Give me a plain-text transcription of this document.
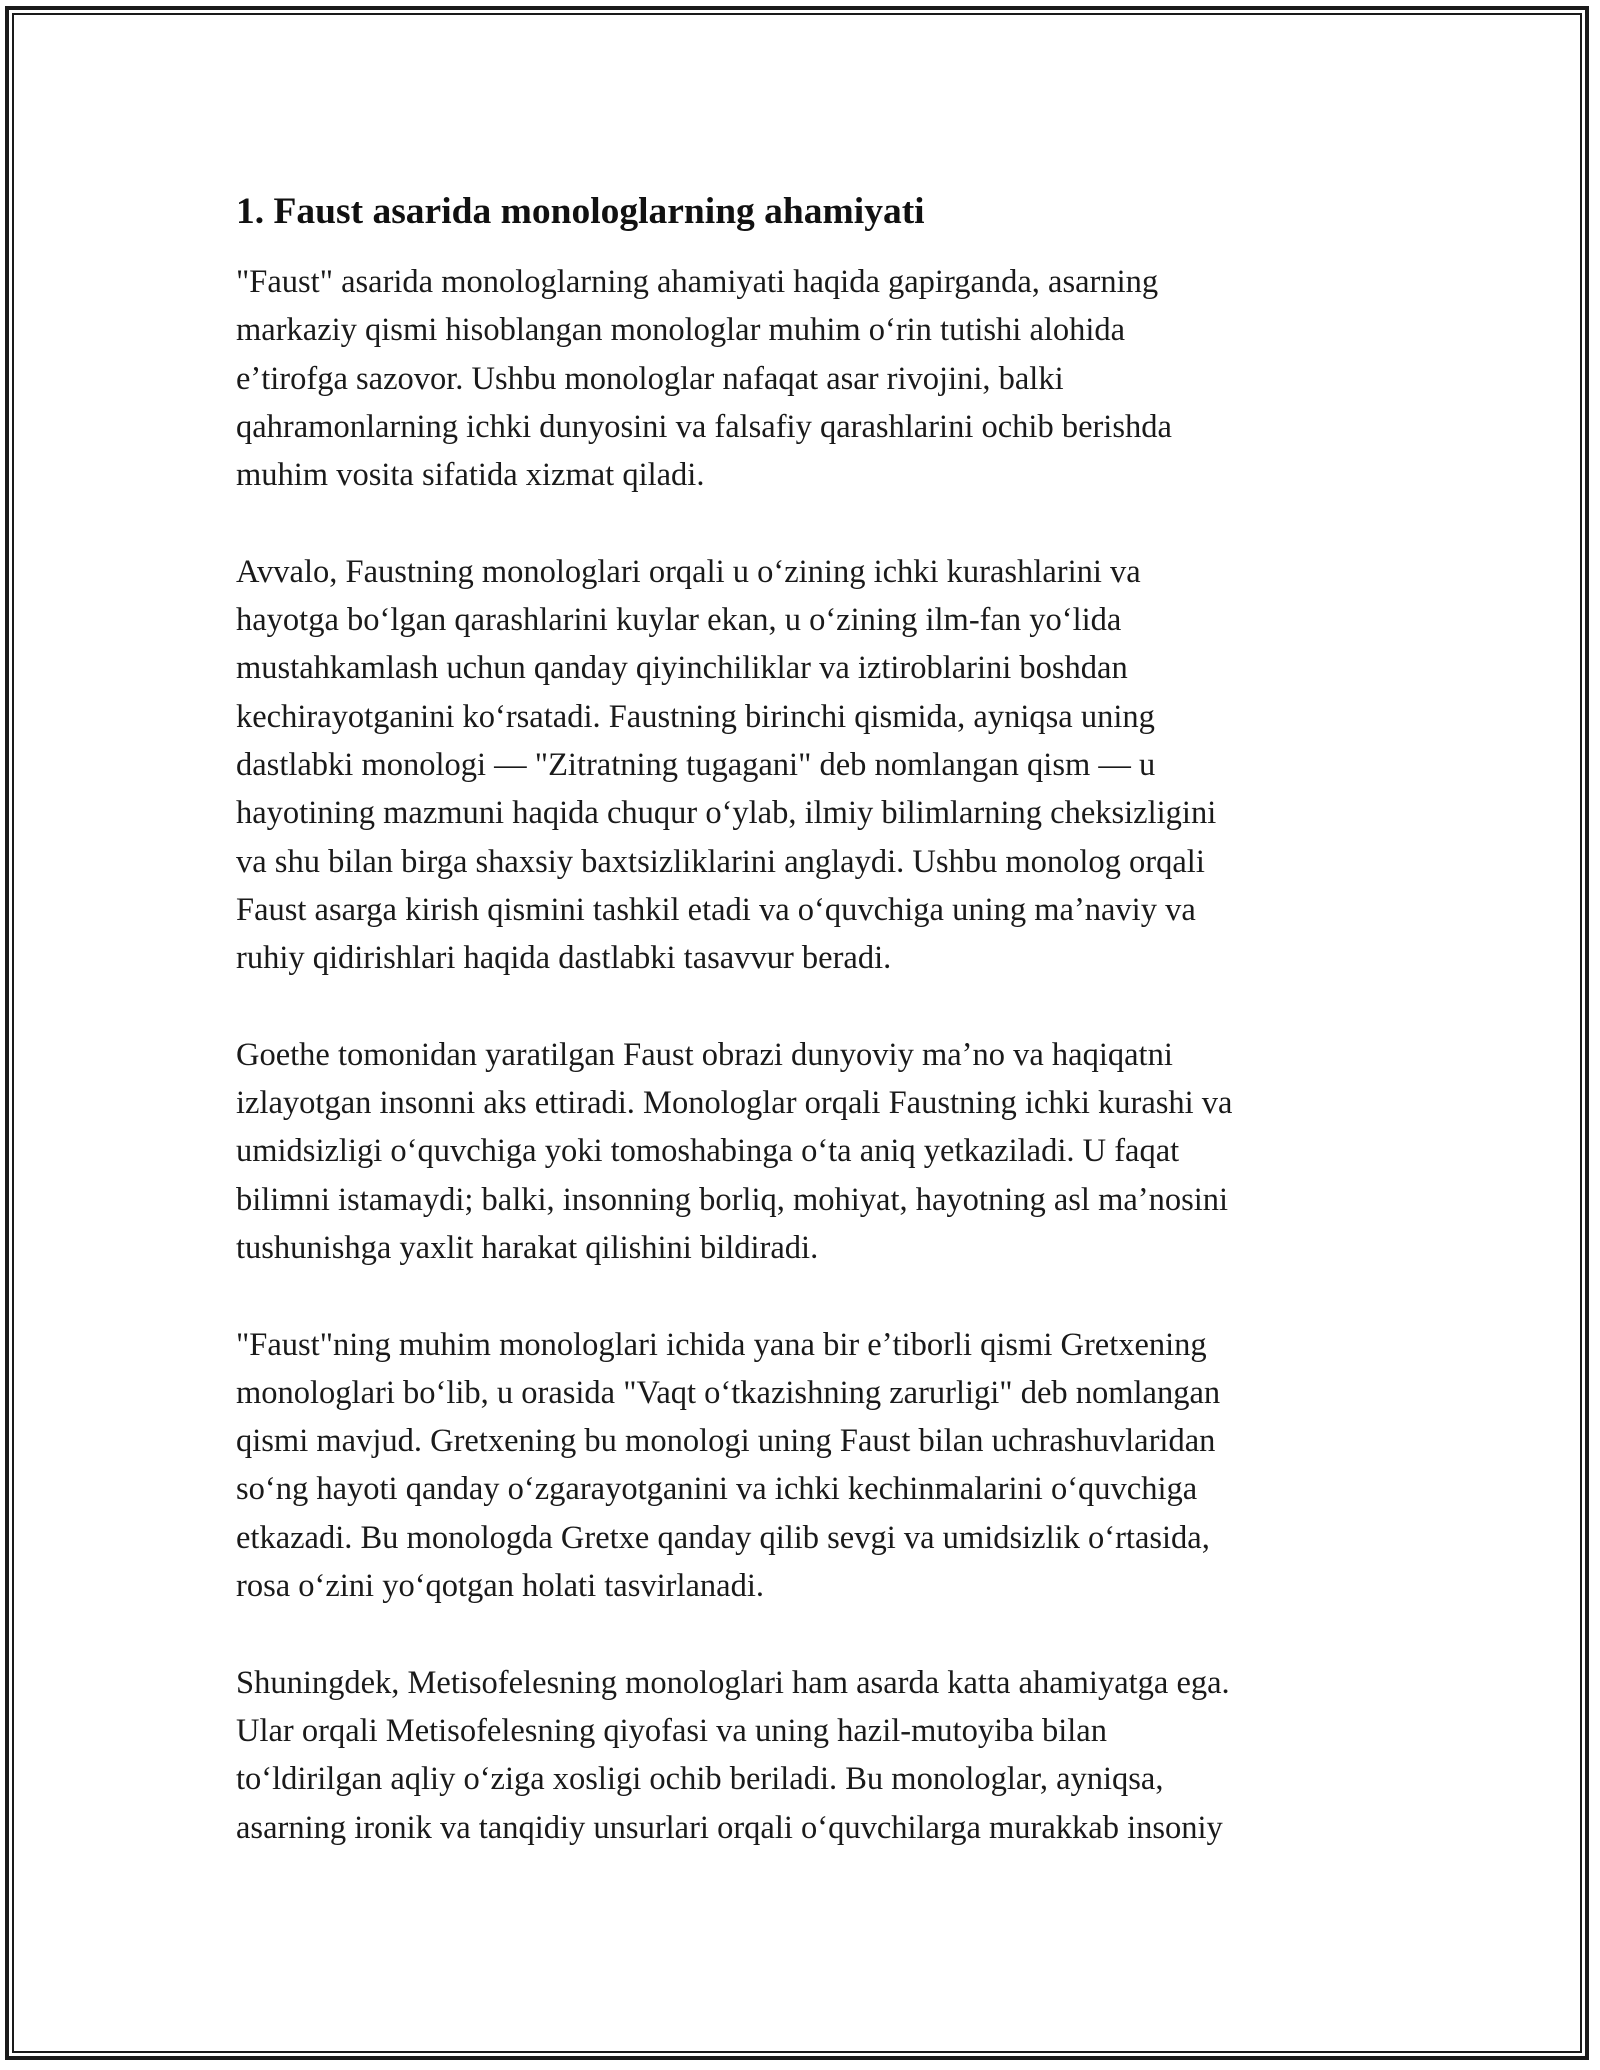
1. Faust asarida monologlarning ahamiyati

"Faust" asarida monologlarning ahamiyati haqida gapirganda, asarning
markaziy qismi hisoblangan monologlar muhim oʻrin tutishi alohida
eʼtirofga sazovor. Ushbu monologlar nafaqat asar rivojini, balki
qahramonlarning ichki dunyosini va falsafiy qarashlarini ochib berishda
muhim vosita sifatida xizmat qiladi.

Avvalo, Faustning monologlari orqali u oʻzining ichki kurashlarini va
hayotga boʻlgan qarashlarini kuylar ekan, u oʻzining ilm-fan yoʻlida
mustahkamlash uchun qanday qiyinchiliklar va iztiroblarini boshdan
kechirayotganini koʻrsatadi. Faustning birinchi qismida, ayniqsa uning
dastlabki monologi — "Zitratning tugagani" deb nomlangan qism — u
hayotining mazmuni haqida chuqur oʻylab, ilmiy bilimlarning cheksizligini
va shu bilan birga shaxsiy baxtsizliklarini anglaydi. Ushbu monolog orqali
Faust asarga kirish qismini tashkil etadi va oʻquvchiga uning maʼnaviy va
ruhiy qidirishlari haqida dastlabki tasavvur beradi.

Goethe tomonidan yaratilgan Faust obrazi dunyoviy maʼno va haqiqatni
izlayotgan insonni aks ettiradi. Monologlar orqali Faustning ichki kurashi va
umidsizligi oʻquvchiga yoki tomoshabinga oʻta aniq yetkaziladi. U faqat
bilimni istamaydi; balki, insonning borliq, mohiyat, hayotning asl maʼnosini
tushunishga yaxlit harakat qilishini bildiradi.

"Faust"ning muhim monologlari ichida yana bir eʼtiborli qismi Gretxening
monologlari boʻlib, u orasida "Vaqt oʻtkazishning zarurligi" deb nomlangan
qismi mavjud. Gretxening bu monologi uning Faust bilan uchrashuvlaridan
soʻng hayoti qanday oʻzgarayotganini va ichki kechinmalarini oʻquvchiga
etkazadi. Bu monologda Gretxe qanday qilib sevgi va umidsizlik oʻrtasida,
rosa oʻzini yoʻqotgan holati tasvirlanadi.

Shuningdek, Metisofelesning monologlari ham asarda katta ahamiyatga ega.
Ular orqali Metisofelesning qiyofasi va uning hazil-mutoyiba bilan
toʻldirilgan aqliy oʻziga xosligi ochib beriladi. Bu monologlar, ayniqsa,
asarning ironik va tanqidiy unsurlari orqali oʻquvchilarga murakkab insoniy
